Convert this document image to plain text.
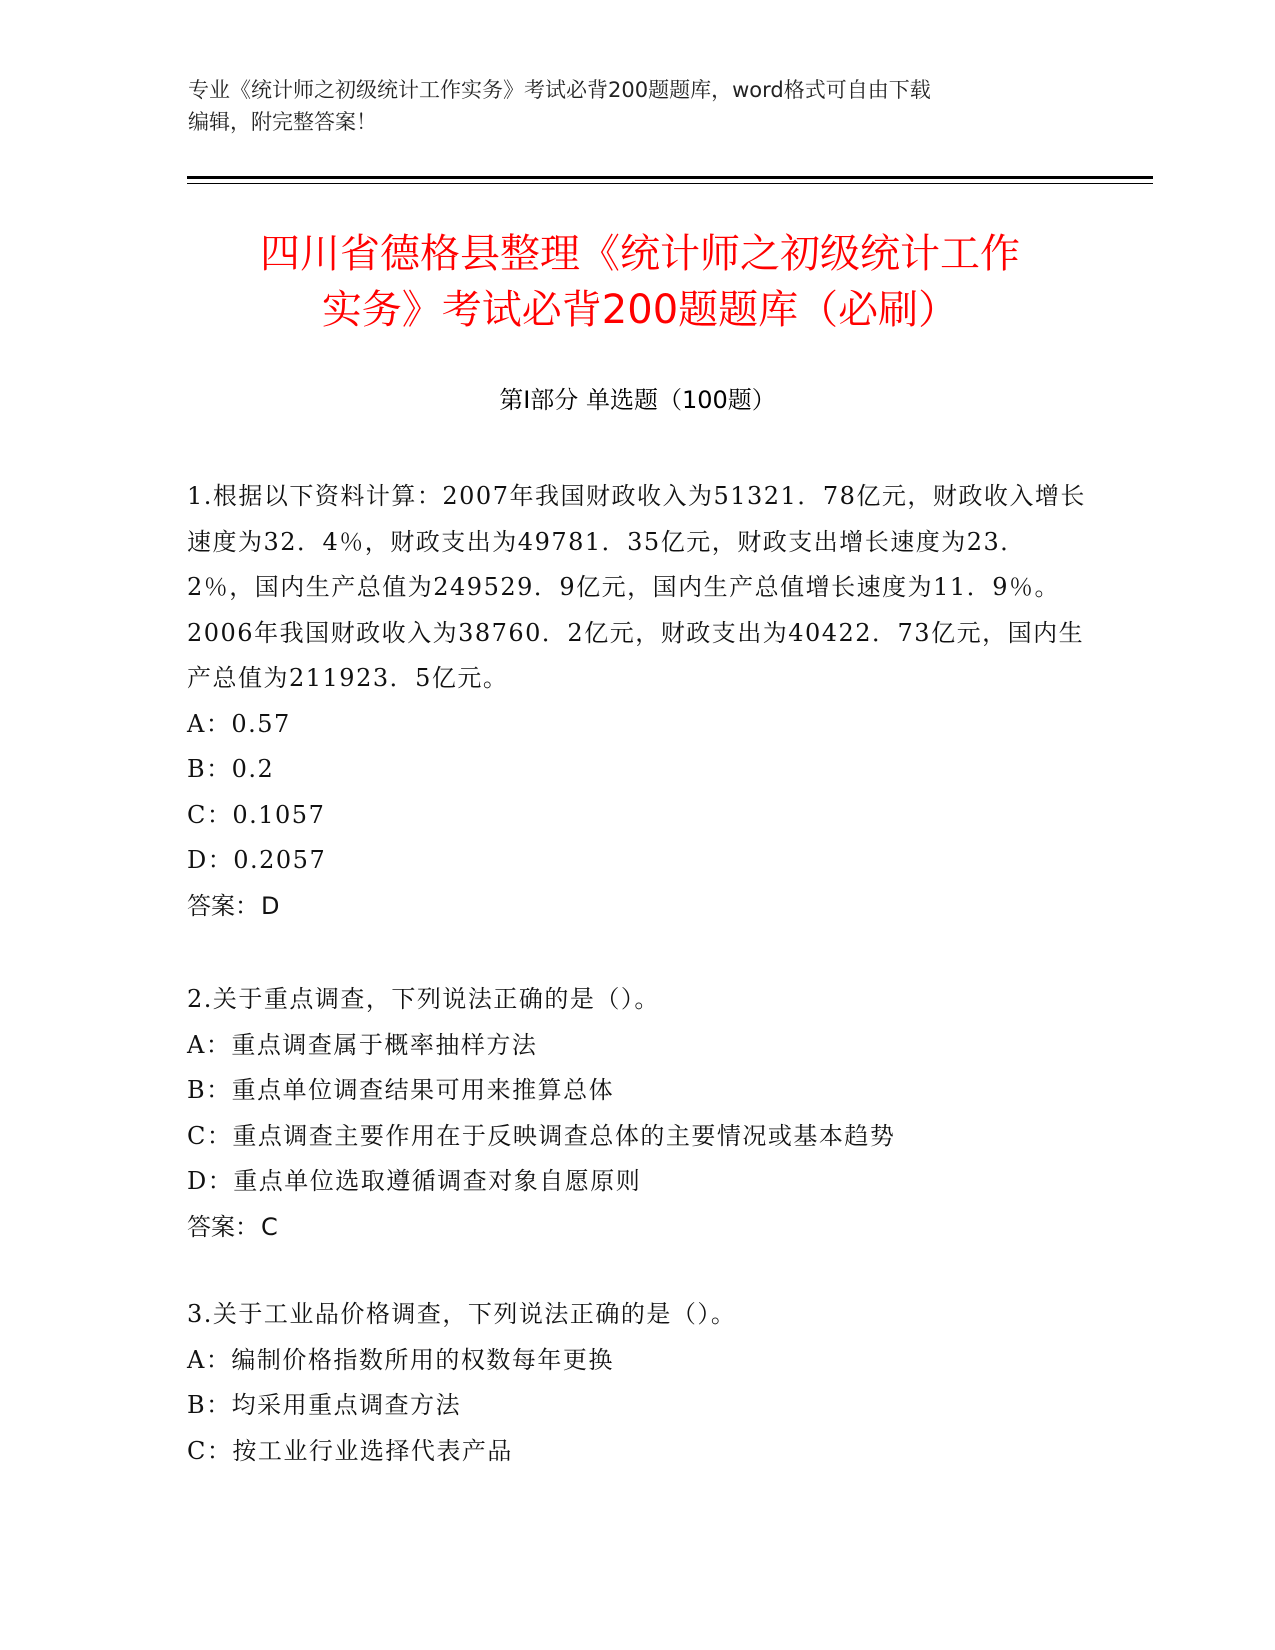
专业《统计师之初级统计工作实务》考试必背200题题库，word格式可自由下载
编辑，附完整答案！
四川省德格县整理《统计师之初级统计工作
实务》考试必背200题题库（必刷）
第Ⅰ部分 单选题（100题）

1.根据以下资料计算：2007年我国财政收入为51321．78亿元，财政收入增长速度为32．4％，财政支出为49781．35亿元，财政支出增长速度为23．2％，国内生产总值为249529．9亿元，国内生产总值增长速度为11．9％。2006年我国财政收入为38760．2亿元，财政支出为40422．73亿元，国内生产总值为211923．5亿元。

A：0.57

B：0.2

C：0.1057

D：0.2057

答案：D

2.关于重点调查，下列说法正确的是（）。

A：重点调查属于概率抽样方法

B：重点单位调查结果可用来推算总体

C：重点调查主要作用在于反映调查总体的主要情况或基本趋势

D：重点单位选取遵循调查对象自愿原则

答案：C

3.关于工业品价格调查，下列说法正确的是（）。

A：编制价格指数所用的权数每年更换

B：均采用重点调查方法

C：按工业行业选择代表产品
